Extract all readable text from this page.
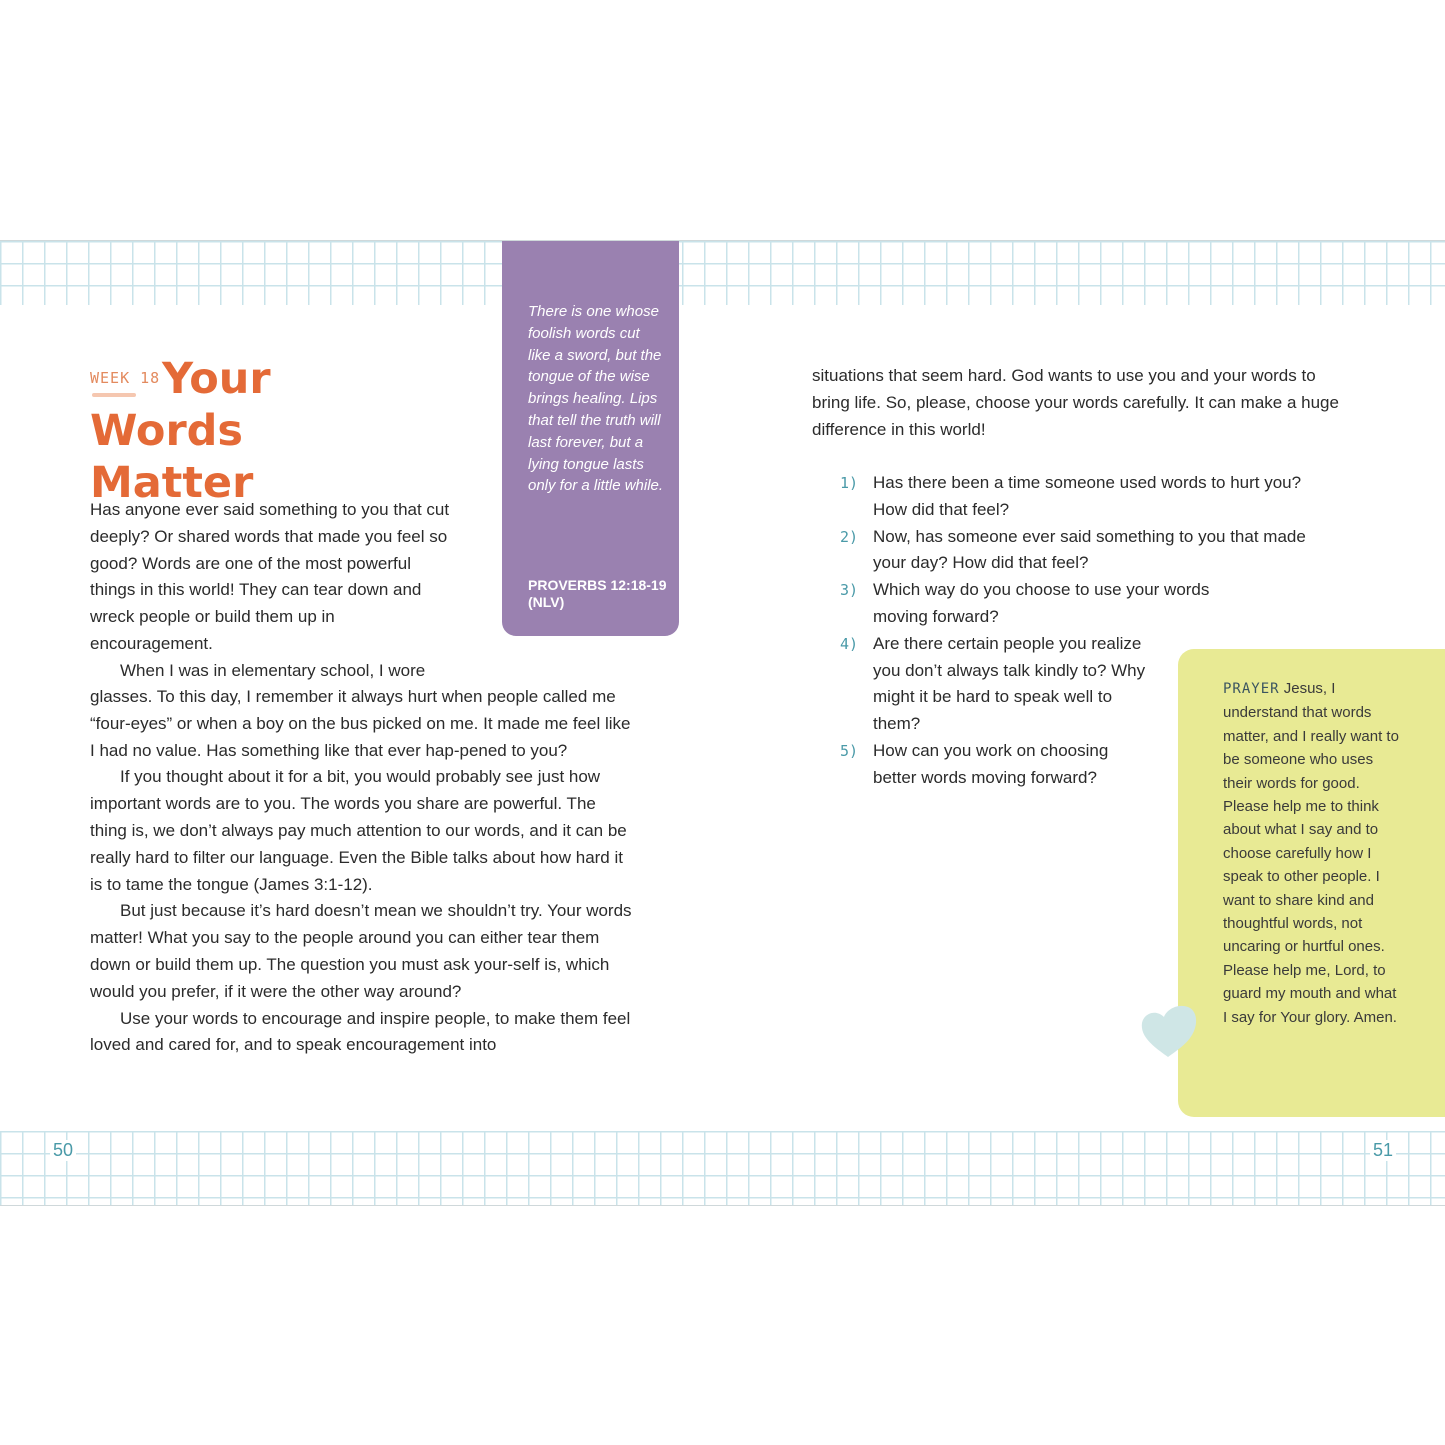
WEEK 18 Your Words Matter

Has anyone ever said something to you that cut deeply? Or shared words that made you feel so good? Words are one of the most powerful things in this world! They can tear down and wreck people or build them up in encouragement.

When I was in elementary school, I wore

glasses. To this day, I remember it always hurt when people called me “four-eyes” or when a boy on the bus picked on me. It made me feel like I had no value. Has something like that ever hap-pened to you?

If you thought about it for a bit, you would probably see just how important words are to you. The words you share are powerful. The thing is, we don’t always pay much attention to our words, and it can be really hard to filter our language. Even the Bible talks about how hard it is to tame the tongue (James 3:1-12).

But just because it’s hard doesn’t mean we shouldn’t try. Your words matter! What you say to the people around you can either tear them down or build them up. The question you must ask your-self is, which would you prefer, if it were the other way around?

Use your words to encourage and inspire people, to make them feel loved and cared for, and to speak encouragement into

50
There is one whose foolish words cut like a sword, but the tongue of the wise brings healing. Lips that tell the truth will last forever, but a lying tongue lasts only for a little while.
PROVERBS 12:18-19 (NLV)
situations that seem hard. God wants to use you and your words to bring life. So, please, choose your words carefully. It can make a huge difference in this world!
1) Has there been a time someone used words to hurt you? How did that feel?
2) Now, has someone ever said something to you that made your day? How did that feel?
3) Which way do you choose to use your words moving forward?
4) Are there certain people you realize you don’t always talk kindly to? Why might it be hard to speak well to them?
5) How can you work on choosing better words moving forward?
PRAYER Jesus, I understand that words matter, and I really want to be someone who uses their words for good. Please help me to think about what I say and to choose carefully how I speak to other people. I want to share kind and thoughtful words, not uncaring or hurtful ones. Please help me, Lord, to guard my mouth and what I say for Your glory. Amen.
51
